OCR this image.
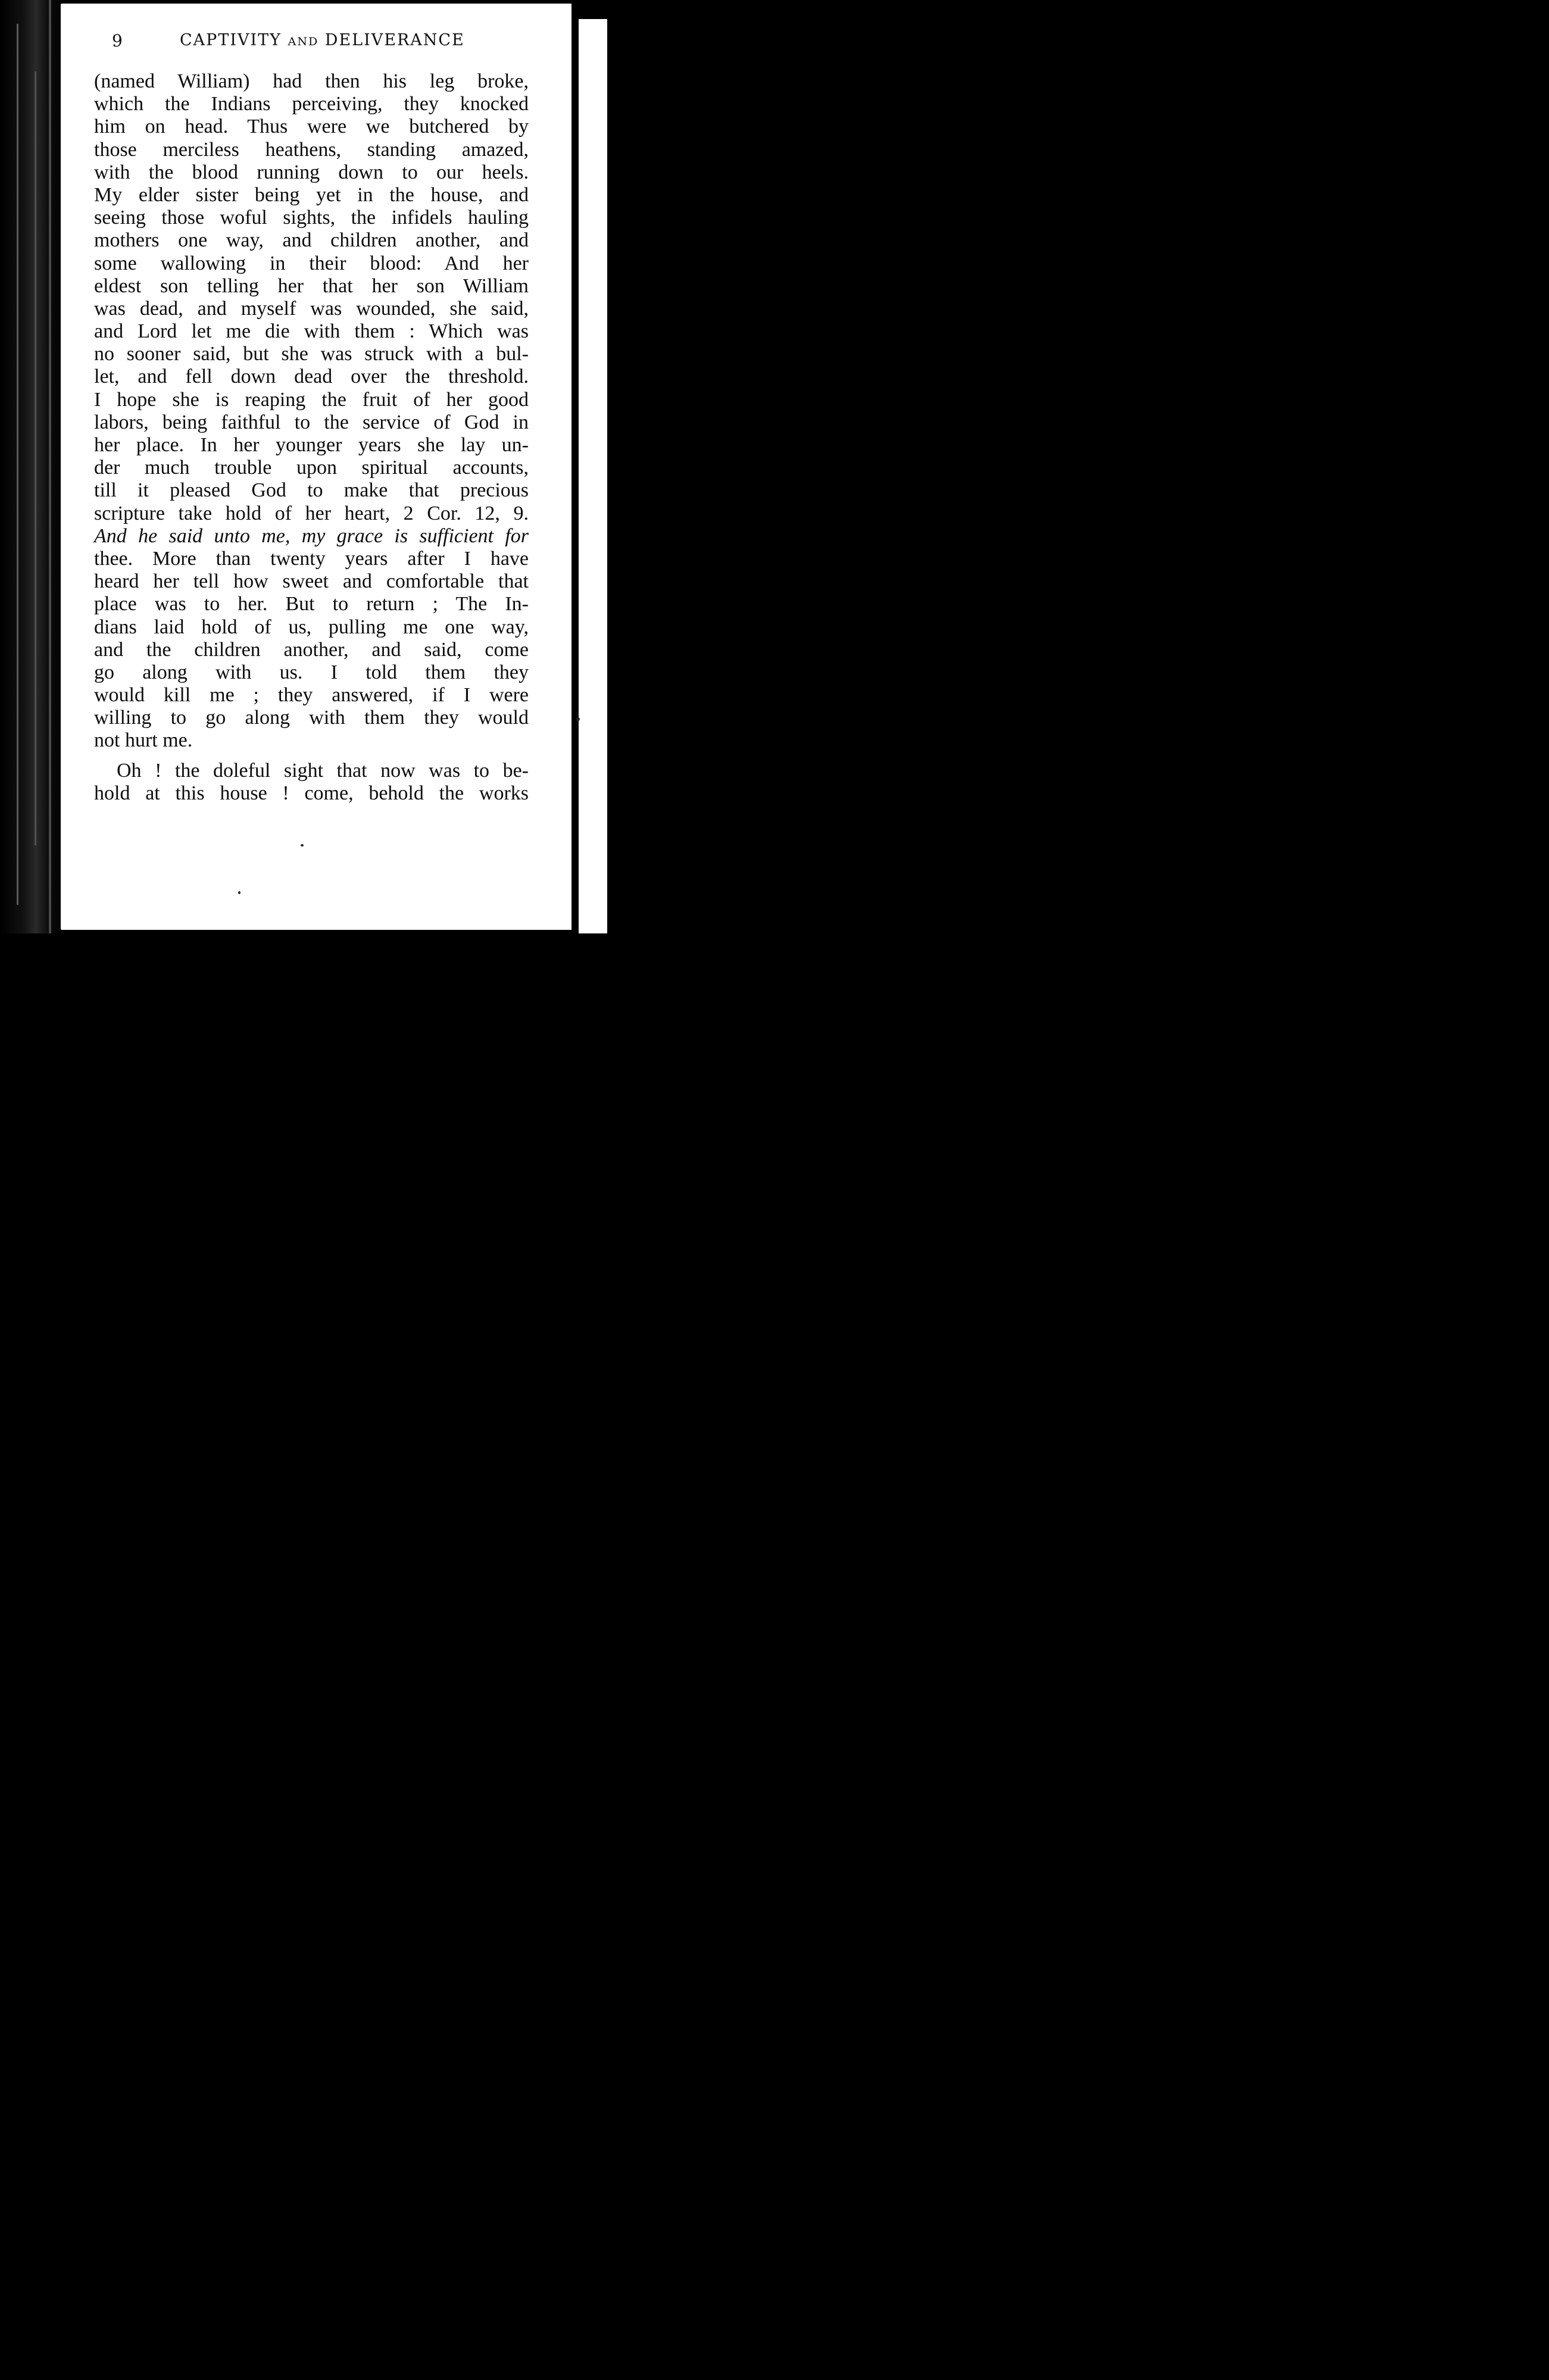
9	CAPTIVITY AND DELIVERANCE
(named William) had then his leg broke,
which the Indians perceiving, they knocked
him on head. Thus were we butchered by
those merciless heathens, standing amazed,
with the blood running down to our heels.
My elder sister being yet in the house, and
seeing those woful sights, the infidels hauling
mothers one way, and children another, and
some wallowing in their blood: And her
eldest son telling her that her son William
was dead, and myself was wounded, she said,
and Lord let me die with them : Which was
no sooner said, but she was struck with a bul-
let, and fell down dead over the threshold.
I hope she is reaping the fruit of her good
labors, being faithful to the service of God in
her place. In her younger years she lay un-
der much trouble upon spiritual accounts,
till it pleased God to make that precious
scripture take hold of her heart, 2 Cor. 12, 9.
And he said unto me, my grace is sufficient for
thee. More than twenty years after I have
heard her tell how sweet and comfortable that
place was to her. But to return ; The In-
dians laid hold of us, pulling me one way,
and the children another, and said, come
go along with us. I told them they
would kill me ; they answered, if I were
willing to go along with them they would
not hurt me.
Oh ! the doleful sight that now was to be-
hold at this house ! come, behold the works
